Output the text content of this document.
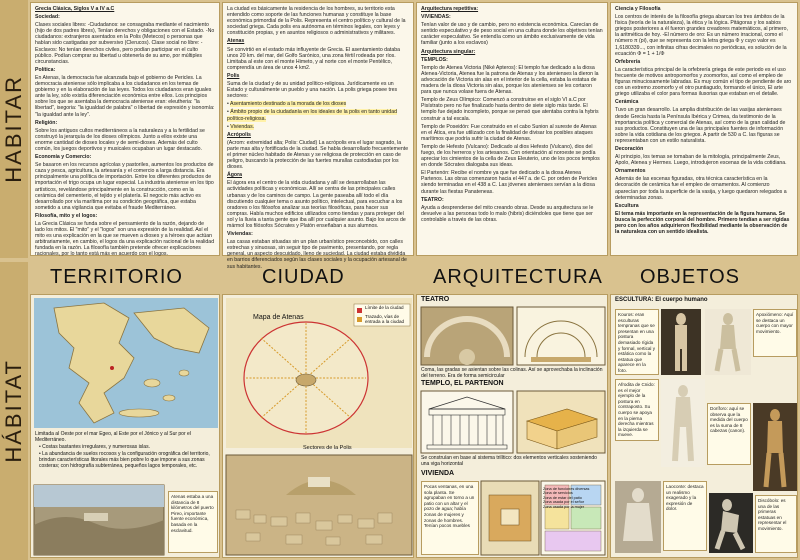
HABITAR
HÁBITAT

Grecia Clásica, Siglos V a IV a.C

Sociedad:

Clases sociales libres: -Ciudadanos: se consagraba mediante el nacimiento (hijo de dos padres libres), Tenían derechos y obligaciones con el Estado. -No ciudadanos: extranjeros asentados en la Polis (Metecos) o personas que habían sido castigadas por subversivo (Clerucos). Clase social no libre: -Esclavos: No tenían derechos civiles, pero podían participar en el culto público. Podían comprar su libertad u obtenerla de su amo, por múltiples circunstancias.

Política:

En Atenas, la democracia fue alcanzada bajo el gobierno de Pericles. La democracia ateniense sólo implicaba a los ciudadanos en los temas de gobierno y en la elaboración de las leyes. Todos los ciudadanos eran iguales ante la ley, sólo existía diferenciación económica entre ellos. Los principios sobre los que se asentaba la democracia ateniense eran: eleutheria: "la libertad", isegoria: "la igualdad de palabra" o libertad de expresión y isonomía: "la igualdad ante la ley".

Religión:

Sobre los antiguos cultos mediterráneos a la naturaleza y a la fertilidad se construyó la jerarquía de los dioses olímpicos. Junto a ellos existe una enorme cantidad de dioses locales y de semi-dioses. Además del culto común, los juegos deportivos y musicales ocupaban un lugar destacado.

Economía y Comercio:

Se basaron en los recursos agrícolas y pastoriles, aumentos los productos de caza y pesca, agricultura, la artesanía y el comercio a larga distancia. Era principalmente una política de importación. Entre los diferentes productos de importación el trigo ocupa un lugar especial. La industria ateniense en los tipo artísticos, revelándose principalmente en la construcción, como en la cerámica del cementerio, el tejido y el platería. El negocio más activo es desarrollado por vía marítima por su condición geográfica, que estaba sometido a una vigilancia que evitaba el fraude Mediterráneo.

Filosofía, mito y el logos:

La Grecia Clásica se funda sobre el pensamiento de la razón, dejando de lado los mitos. El "mito" y el "logos" son una expresión de la realidad. Así el mito es una explicación en la que se mueven a dioses y a héroes que actúan arbitrariamente, en cambio, el logos da una explicación racional de la realidad fundada en la razón. La filosofía también pretende ofrecer explicaciones racionales, por lo tanto está más en acuerdo con el logos.

La ciudad es básicamente la residencia de los hombres, su territorio esta entendido como soporte de las funciones humanas y constituye la base económica primordial de la Polis. Representa el centro político y cultural de la sociedad griega. Cada polis era autónoma en términos legales, con leyes y constitución propias, y en asuntos religiosos o administrativos y militares.

Atenas

Se convirtió en el estado más influyente de Grecia. El asentamiento databa unos 20 km. del mar, del Golfo Sarónico, una zona fértil rodeada por ríos. Limitaba al este con el monte Himeto, y al norte con el monte Pentélico, comprendía un área de unos 4 km2.

Polis

Suma de la ciudad y de su unidad político-religiosa. Jurídicamente es un Estado y culturalmente un pueblo y una nación. La polis griega posee tres sectores:

• Asentamiento destinado a la morada de los dioses

• Ámbito propio de la ciudadanía en los ideales de la polis en tanto unidad político-religiosa.

• Viviendas.

Acrópolis

(Acrom: extremidad alta; Polis: Ciudad) La acrópolis era el lugar sagrado, la parte mas alta y fortificada de la ciudad. Se habla desarrollado frecuentemente el primer núcleo habitado de Atenas y se religiosa de protección en caso de peligro, buscando la protección de las fuertes murallas custodiadas por los dioses.

Ágora

El ágora era el centro de la vida ciudadana y allí se desarrollaban las actividades políticas y económicas. Allí se centra de las principales calles urbanas y de los caminos de campo. La gente paseaba allí todo el día discutiendo cualquier tema o asunto político, intelectual, para escuchar a los oradores o los filósofos analizar sus teorías filosóficas, para hacer sus compras. Había muchos edificios utilizados como tiendas y para proteger del sol y la lluvia a tanta gente que iba allí por cualquier asunto. Bajo los arcos de mármol los filósofos Sócrates y Platón enseñaban a sus alumnos.

Viviendas:

Las casas estaban situadas sin un plan urbanístico preconcebido, con calles estrechas y sinuosas, sin seguir tipo de pavimento, presentando, por regla general, un aspecto descuidado, lleno de suciedad. La ciudad estaba dividida en barrios diferenciados según las clases sociales y la ocupación artesanal de sus habitantes.

Arquitectura repetitiva:

VIVIENDAS:

Tenían valor de uso y de cambio, pero no existencia económica. Carecían de sentido especulativo y de peso social en una cultura donde los objetivos tenían carácter especulativo. Se entendía como un ámbito exclusivamente de vida familiar (junto a los esclavos)

Arquitectura singular:

TEMPLOS:

Templo de Atenea Victoria (Niké Apteros): El templo fue dedicado a la diosa Atenea-Victoria, Atenea fue la patrona de Atenas y los atenienses la dieron la advocación de Victoria sin alas en el interior de la cella, estaba la estatua de madera de la diosa Victoria sin alas, porque los atenienses se les cortaron para que nunca volase fuera de Atenas.

Templo de Zeus Olímpico: Comenzó a construirse en el siglo VI a.C por Pisístrato pero no fue finalizado hasta dentro de siete siglo más tarde. El templo fue dejado incompleto, porque se pensó que atentaba contra la hybris construir a tal escala.

Templo de Poseidón: Fue construido en el cabo Sunion al sureste de Atenas en el Ática, era fue utilizado con la finalidad de divisar los posibles ataques marítimos que podría sufrir la ciudad de Atenas.

Templo de Hefesto (Vulcano): Dedicado al dios Hefesto (Vulcano), dios del fuego, de los herreros y los artesanos. Con orientación al noroeste se podía apreciar los cimientos de la cella de Zeus Eleuterio, uno de los pocos templos en donde Sócrates dialogaba sus ideas.

El Partenón: Recibe el nombre ya que fue dedicado a la diosa Atenea Partenos. Las obras comenzaron hacia el 447 a. de C. por orden de Pericles siendo terminadas en el 438 a C. Las jóvenes atenienses servían a la diosa durante las fiestas Panateneas.

TEATRO:

Ayuda a desprenderse del mito creando obras. Desde su arquitectura se le devuelve a las personas todo lo malo (hibris) diciéndoles que tiene que ser controlable a través de las obras.

Ciencia y Filosofía

Los centros de interés de la filosofía griega abarcan los tres ámbitos de la física (teoría de la naturaleza), la ética y la lógica. Pitágoras y los sabios griegos posteriores a él fueron grandes creadores matemáticos, al primero, la aritmética de hoy. -El número de oro: Es un número irracional, como el número π (pi), que se representa con la letra griega Φ y cuyo valor es 1,6180339..., con infinitas cifras decimales no periódicas, es solución de la ecuación Φ = 1 + 1/Φ

Orfebrería

La característica principal de la orfebrería griega de este periodo es el uso frecuente de motivos antropomorfos y zoomorfos, así como el empleo de figuras minuciosamente labradas. Es muy común el tipo de pendiente de aro con un extremo zoomorfo y el otro puntiagudo, formando el único, El arte griego utilizaba el color para formas ilusorias que estaban en el detalle.

Cerámica

Tuvo un gran desarrollo. La amplia distribución de las vasijas atenienses desde Grecia hasta la Península Ibérica y Crimea, da testimonio de la importancia política y comercial de Atenas, así como de la gran calidad de sus productos. Constituyen una de las principales fuentes de información sobre la vida cotidiana de los griegos. A partir de 530 a C. las figuras se representaban con un estilo naturalista.

Decoración

Al principio, los temas se tomaban de la mitología, principalmente Zeus, Apolo, Atenea y Hermes. Luego, introdujeron escenas de la vida cotidiana.

Ornamentos

Además de las escenas figuradas, otra técnica característica en la decoración de cerámica fue el empleo de ornamentos. Al comienzo aparecían por toda la superficie de la vasija, y luego quedaron relegados a determinadas zonas.

Escultura

El tema más importante en la representación de la figura humana. Se busca la perfección corporal del hombre. Primero tendían a ser rígidas pero con los años adquirieron flexibilidad mediante la observación de la naturaleza con un sentido idealista.

TERRITORIO	CIUDAD	ARQUITECTURA OBJETOS
Limitada al Oeste por el mar Egeo, al Este por el Jónico y al Sur por el Mediterráneo.
• Costas bastantes irregulares, y numerosas islas.
• La abundancia de suelos rocosos y la configuración orográfica del territorio, brindan características litorales más bien pobre lo que impone a sus zonas costeras; con hidrografía subterránea, pequeños lagos temporales, etc.
Atenas estaba a una distancia de 8 kilómetros del puerto Pireo, importante fuente económica, basada en la esclavitud.
Mapa de Atenas
Límite de la ciudad
Trazado, vías de entrada a la ciudad
Sectores de la Polis
TEATRO
Coma, las gradas se asientan sobre las colinas. Así se aprovechaba la inclinación del terreno. Era de forma semicircular
TEMPLO, EL PARTENON
Se construían en base al sistema trilítico: dos elementos verticales sosteniendo una viga horizontal
VIVIENDA
Pocas ventanas, en una sola planta. Se agrupaban en torno a un patio con un altar y el pozo de agua; había zonas de mujeres y zonas de hombres. Tenían pocos muebles
Zona de funciones diversas
Zona de servicios
Zona de estar del patio
Zona usada por el señor
Zona usada por la mujer
ESCULTURA: El cuerpo humano
Kouros: eran esculturas tempranas que se presentan en una postura demasiado rígida y formal, vertical y estática como la estatua que aparece en la foto.
Apoxiómeno: Aquí se destaca un cuerpo con mayor movimiento.
Afrodita de Cnido: es el mejor ejemplo de la postura en contraposto. Su cuerpo se apoya en la pierna derecha mientras la izquierda se mueve.
Doríforo: aquí se observa que la medida del cuerpo es la suma de 8 cabezas (canon).
Laoconte: destaca un realismo exagerado y la expresión de dolor.
Discóbolo: es una de las primeras estatuas en representar el movimiento.
